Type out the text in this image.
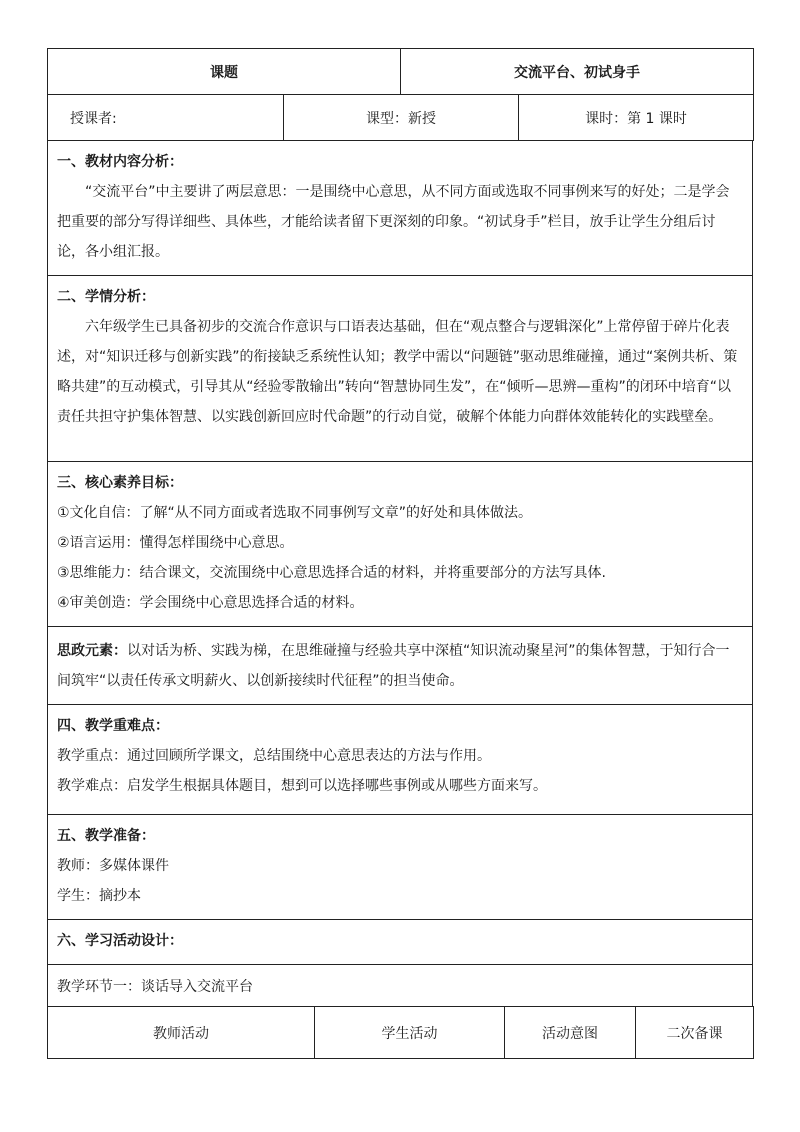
课题	交流平台、初试身手
授课者:	课型：新授	课时：第 1 课时
一、教材内容分析：
“交流平台”中主要讲了两层意思：一是围绕中心意思，从不同方面或选取不同事例来写的好处；二是学会把重要的部分写得详细些、具体些，才能给读者留下更深刻的印象。“初试身手”栏目，放手让学生分组后讨论，各小组汇报。

二、学情分析：
六年级学生已具备初步的交流合作意识与口语表达基础，但在“观点整合与逻辑深化”上常停留于碎片化表述，对“知识迁移与创新实践”的衔接缺乏系统性认知；教学中需以“问题链”驱动思维碰撞，通过“案例共析、策略共建”的互动模式，引导其从“经验零散输出”转向“智慧协同生发”，在“倾听—思辨—重构”的闭环中培育“以责任共担守护集体智慧、以实践创新回应时代命题”的行动自觉，破解个体能力向群体效能转化的实践壁垒。

三、核心素养目标：
①文化自信：了解“从不同方面或者选取不同事例写文章”的好处和具体做法。
②语言运用：懂得怎样围绕中心意思。
③思维能力：结合课文，交流围绕中心意思选择合适的材料，并将重要部分的方法写具体.
④审美创造：学会围绕中心意思选择合适的材料。

思政元素：以对话为桥、实践为梯，在思维碰撞与经验共享中深植“知识流动聚星河”的集体智慧，于知行合一间筑牢“以责任传承文明薪火、以创新接续时代征程”的担当使命。

四、教学重难点：
教学重点：通过回顾所学课文，总结围绕中心意思表达的方法与作用。
教学难点：启发学生根据具体题目，想到可以选择哪些事例或从哪些方面来写。

五、教学准备：
教师：多媒体课件
学生：摘抄本

六、学习活动设计：

教学环节一：谈话导入交流平台
教师活动	学生活动	活动意图	二次备课
